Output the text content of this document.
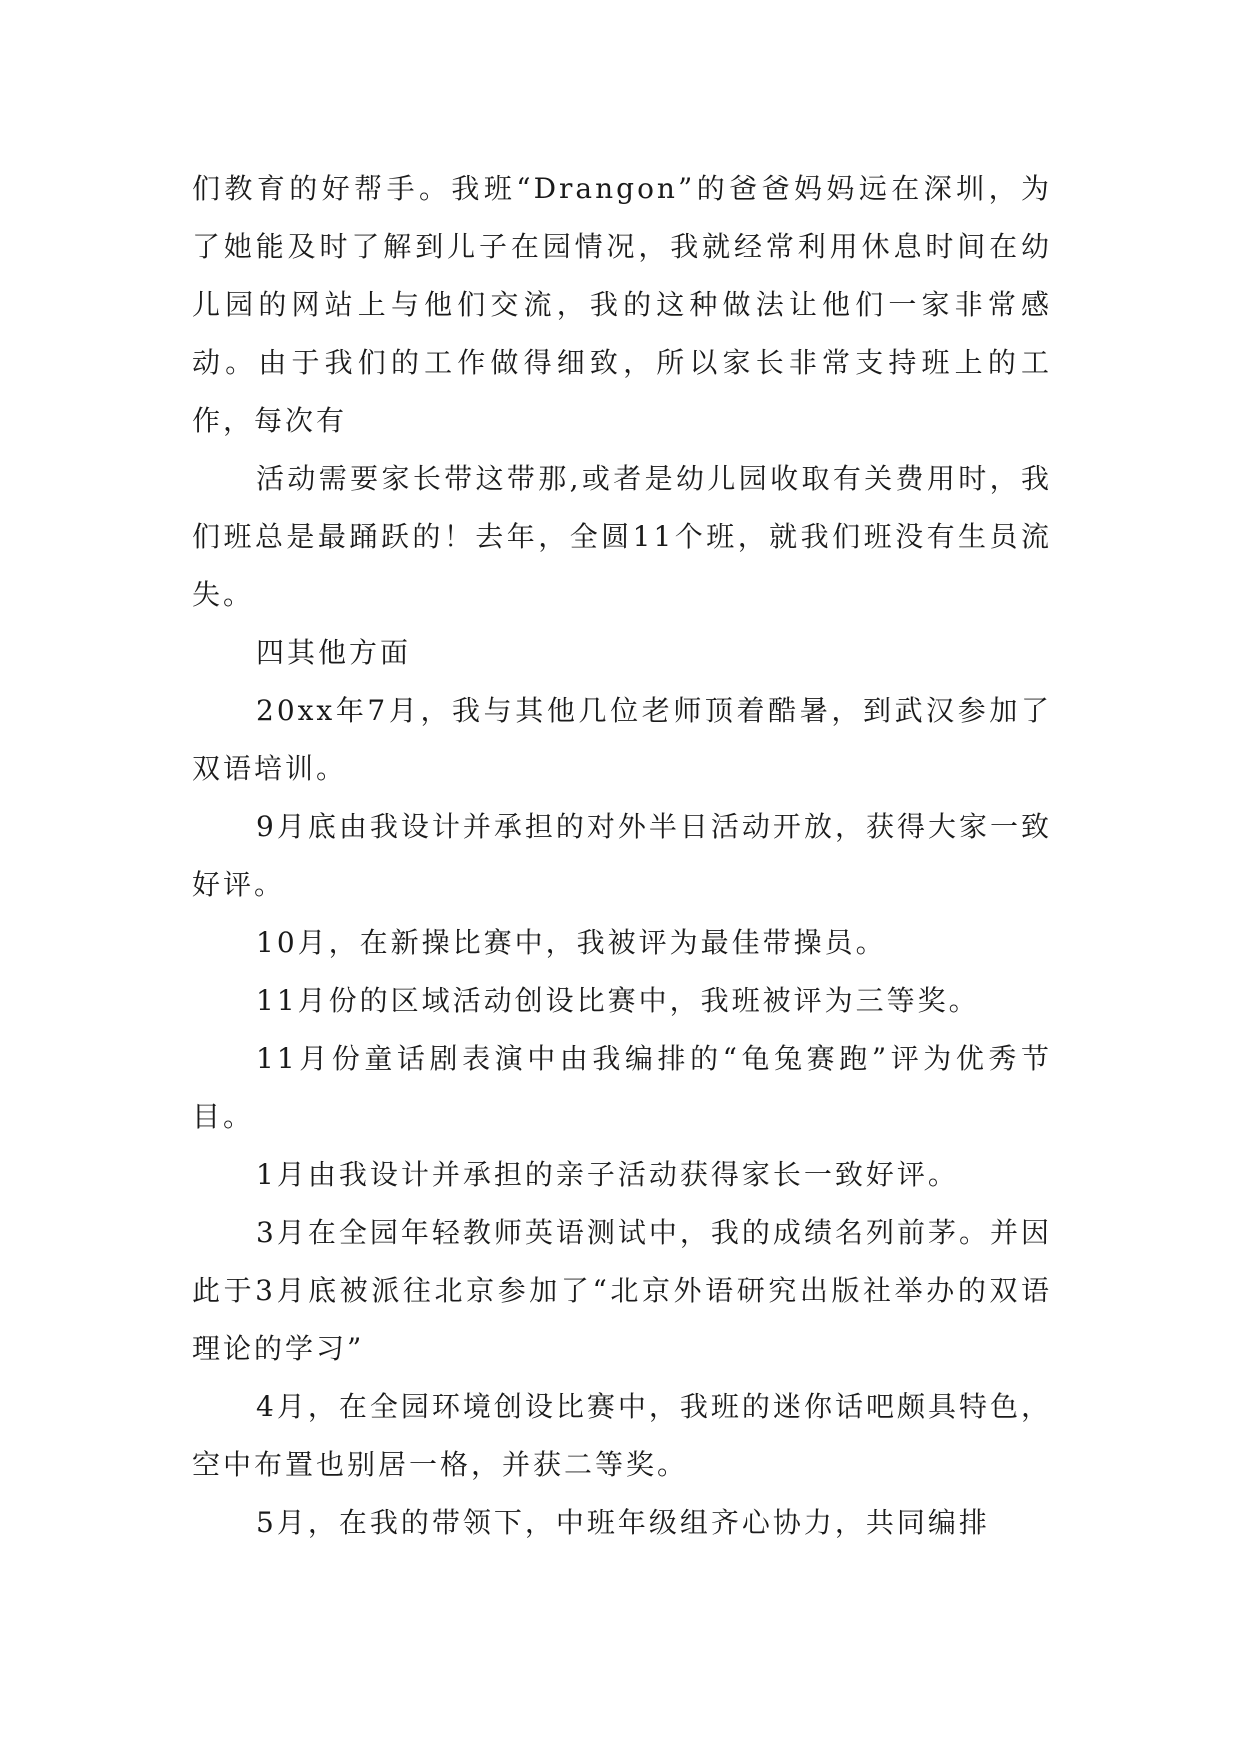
们教育的好帮手。我班“Drangon”的爸爸妈妈远在深圳，为了她能及时了解到儿子在园情况，我就经常利用休息时间在幼儿园的网站上与他们交流，我的这种做法让他们一家非常感动。由于我们的工作做得细致，所以家长非常支持班上的工作，每次有

活动需要家长带这带那,或者是幼儿园收取有关费用时，我们班总是最踊跃的！去年，全圆11个班，就我们班没有生员流失。

四其他方面

20xx年7月，我与其他几位老师顶着酷暑，到武汉参加了双语培训。

9月底由我设计并承担的对外半日活动开放，获得大家一致好评。

10月，在新操比赛中，我被评为最佳带操员。

11月份的区域活动创设比赛中，我班被评为三等奖。

11月份童话剧表演中由我编排的“龟兔赛跑”评为优秀节目。

1月由我设计并承担的亲子活动获得家长一致好评。

3月在全园年轻教师英语测试中，我的成绩名列前茅。并因此于3月底被派往北京参加了“北京外语研究出版社举办的双语理论的学习”

4月，在全园环境创设比赛中，我班的迷你话吧颇具特色，空中布置也别居一格，并获二等奖。

5月，在我的带领下，中班年级组齐心协力，共同编排
